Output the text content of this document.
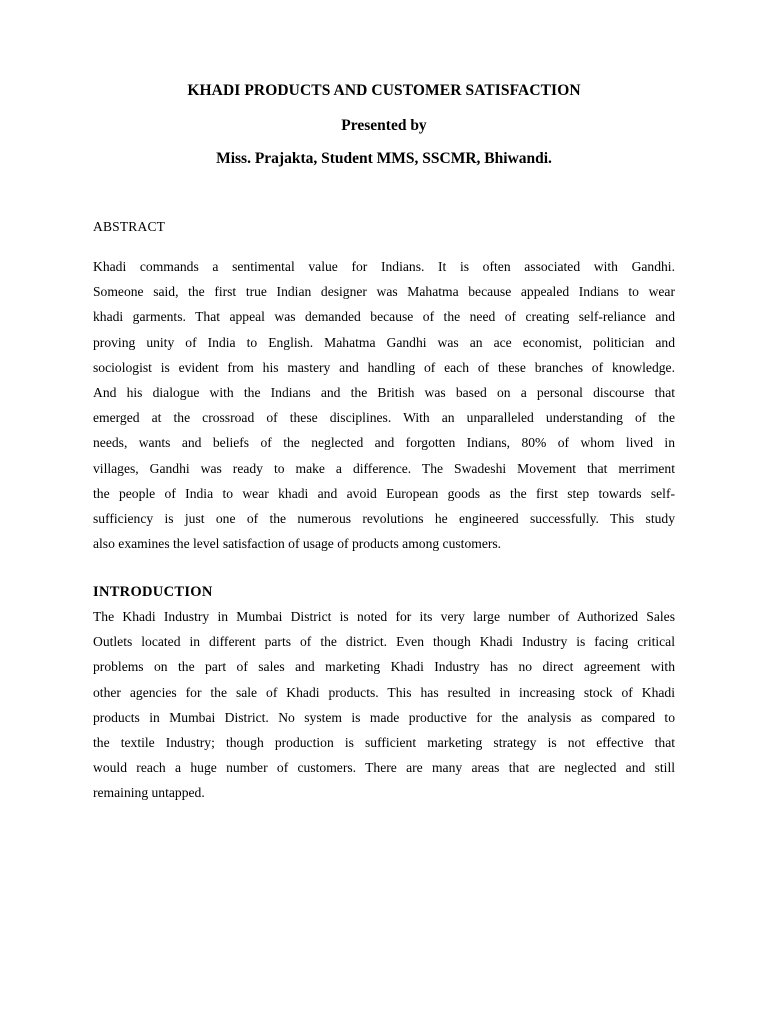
KHADI PRODUCTS AND CUSTOMER SATISFACTION
Presented by
Miss. Prajakta, Student MMS, SSCMR, Bhiwandi.
ABSTRACT
Khadi commands a sentimental value for Indians. It is often associated with Gandhi.
Someone said, the first true Indian designer was Mahatma because appealed Indians to wear
khadi garments. That appeal was demanded because of the need of creating self-reliance and
proving unity of India to English. Mahatma Gandhi was an ace economist, politician and
sociologist is evident from his mastery and handling of each of these branches of knowledge.
And his dialogue with the Indians and the British was based on a personal discourse that
emerged at the crossroad of these disciplines. With an unparalleled understanding of the
needs, wants and beliefs of the neglected and forgotten Indians, 80% of whom lived in
villages, Gandhi was ready to make a difference. The Swadeshi Movement that merriment
the people of India to wear khadi and avoid European goods as the first step towards self-
sufficiency is just one of the numerous revolutions he engineered successfully. This study
also examines the level satisfaction of usage of products among customers.
INTRODUCTION
The Khadi Industry in Mumbai District is noted for its very large number of Authorized Sales
Outlets located in different parts of the district. Even though Khadi Industry is facing critical
problems on the part of sales and marketing Khadi Industry has no direct agreement with
other agencies for the sale of Khadi products. This has resulted in increasing stock of Khadi
products in Mumbai District. No system is made productive for the analysis as compared to
the textile Industry; though production is sufficient marketing strategy is not effective that
would reach a huge number of customers. There are many areas that are neglected and still
remaining untapped.
